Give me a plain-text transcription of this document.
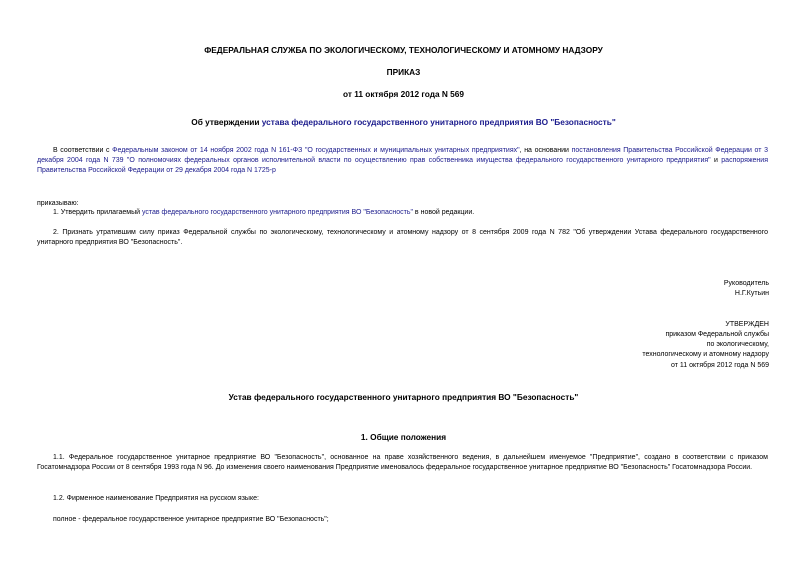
ФЕДЕРАЛЬНАЯ СЛУЖБА ПО ЭКОЛОГИЧЕСКОМУ, ТЕХНОЛОГИЧЕСКОМУ И АТОМНОМУ НАДЗОРУ

ПРИКАЗ

от 11 октября 2012 года N 569

Об утверждении устава федерального государственного унитарного предприятия ВО "Безопасность"

В соответствии с Федеральным законом от 14 ноября 2002 года N 161-ФЗ "О государственных и муниципальных унитарных предприятиях", на основании постановления Правительства Российской Федерации от 3 декабря 2004 года N 739 "О полномочиях федеральных органов исполнительной власти по осуществлению прав собственника имущества федерального государственного унитарного предприятия" и распоряжения Правительства Российской Федерации от 29 декабря 2004 года N 1725-р

приказываю:

1. Утвердить прилагаемый устав федерального государственного унитарного предприятия ВО "Безопасность" в новой редакции.

2. Признать утратившим силу приказ Федеральной службы по экологическому, технологическому и атомному надзору от 8 сентября 2009 года N 782 "Об утверждении Устава федерального государственного унитарного предприятия ВО "Безопасность".

Руководитель

Н.Г.Кутьин

УТВЕРЖДЕН

приказом Федеральной службы

по экологическому,

технологическому и атомному надзору

от 11 октября 2012 года N 569

Устав федерального государственного унитарного предприятия ВО "Безопасность"

1. Общие положения

1.1. Федеральное государственное унитарное предприятие ВО "Безопасность", основанное на праве хозяйственного ведения, в дальнейшем именуемое "Предприятие", создано в соответствии с приказом Госатомнадзора России от 8 сентября 1993 года N 96. До изменения своего наименования Предприятие именовалось федеральное государственное унитарное предприятие ВО "Безопасность" Госатомнадзора России.

1.2. Фирменное наименование Предприятия на русском языке:

полное - федеральное государственное унитарное предприятие ВО "Безопасность";
